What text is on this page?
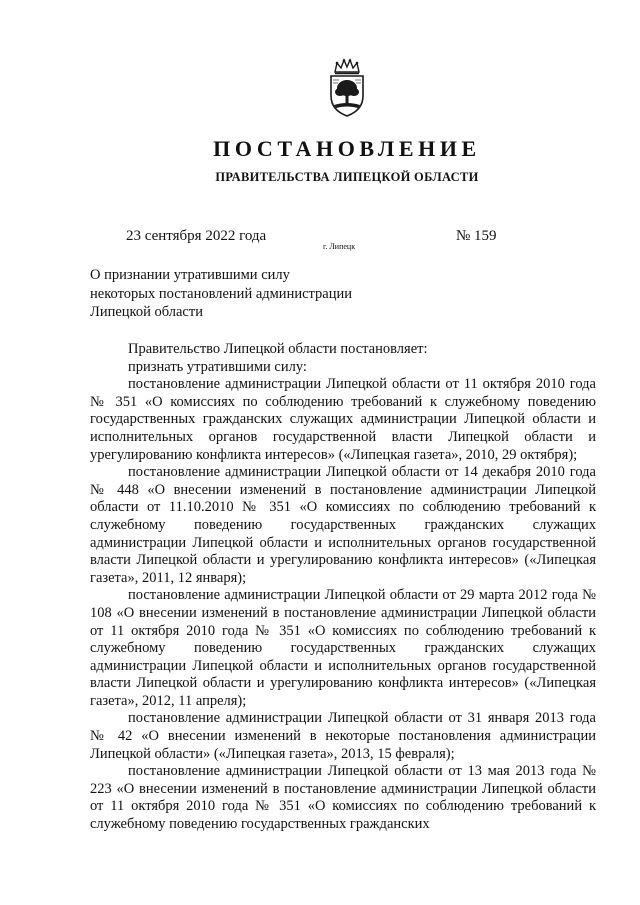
ПОСТАНОВЛЕНИЕ
ПРАВИТЕЛЬСТВА ЛИПЕЦКОЙ ОБЛАСТИ
23 сентября 2022 года
г. Липецк
№ 159
О признании утратившими силу
некоторых постановлений администрации
Липецкой области

Правительство Липецкой области постановляет:

признать утратившими силу:

постановление администрации Липецкой области от 11 октября 2010 года № 351 «О комиссиях по соблюдению требований к служебному поведению государственных гражданских служащих администрации Липецкой области и исполнительных органов государственной власти Липецкой области и урегулированию конфликта интересов» («Липецкая газета», 2010, 29 октября);

постановление администрации Липецкой области от 14 декабря 2010 года № 448 «О внесении изменений в постановление администрации Липецкой области от 11.10.2010 № 351 «О комиссиях по соблюдению требований к служебному поведению государственных гражданских служащих администрации Липецкой области и исполнительных органов государственной власти Липецкой области и урегулированию конфликта интересов» («Липецкая газета», 2011, 12 января);

постановление администрации Липецкой области от 29 марта 2012 года № 108 «О внесении изменений в постановление администрации Липецкой области от 11 октября 2010 года № 351 «О комиссиях по соблюдению требований к служебному поведению государственных гражданских служащих администрации Липецкой области и исполнительных органов государственной власти Липецкой области и урегулированию конфликта интересов» («Липецкая газета», 2012, 11 апреля);

постановление администрации Липецкой области от 31 января 2013 года № 42 «О внесении изменений в некоторые постановления администрации Липецкой области» («Липецкая газета», 2013, 15 февраля);

постановление администрации Липецкой области от 13 мая 2013 года № 223 «О внесении изменений в постановление администрации Липецкой области от 11 октября 2010 года № 351 «О комиссиях по соблюдению требований к служебному поведению государственных гражданских
